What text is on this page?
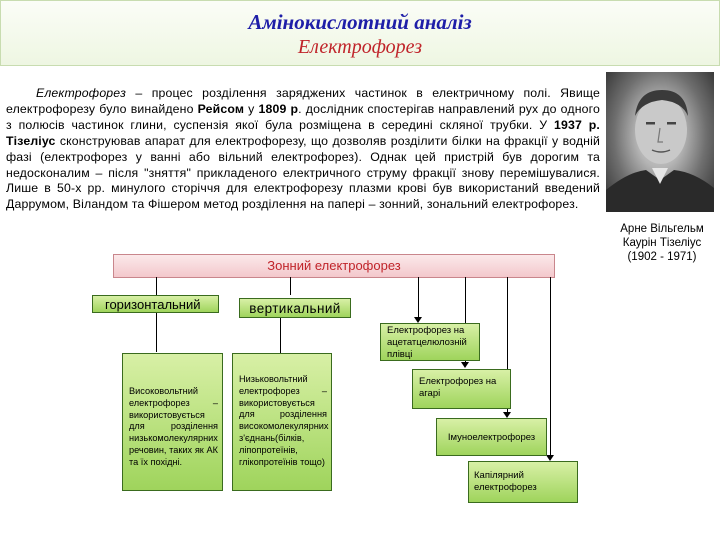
Амінокислотний аналіз
Електрофорез
Електрофорез – процес розділення заряджених частинок в електричному полі. Явище електрофорезу було винайдено Рейсом у 1809 р. дослідник спостерігав направлений рух до одного з полюсів частинок глини, суспензія якої була розміщена в середині скляної трубки. У 1937 р. Тізеліус сконструював апарат для електрофорезу, що дозволяв розділити білки на фракції у водній фазі (електрофорез у ванні або вільний електрофорез). Однак цей пристрій був дорогим та недосконалим – після "зняття" прикладеного електричного струму фракції знову перемішувалися. Лише в 50-х рр. минулого сторіччя для електрофорезу плазми крові був використаний введений Даррумом, Віландом та Фішером метод розділення на папері – зонний, зональний електрофорез.
Арне Вільгельм
Каурін Тізеліус
(1902 - 1971)
Зонний електрофорез
горизонтальний	вертикальний
Високовольтний електрофорез – використовується для розділення низькомолекулярних речовин, таких як АК та їх похідні.
Низьковольтний електрофорез – використовується для розділення високомолекулярних з'єднань(білків, ліпопротеїнів, глікопротеїнів тощо)
Електрофорез на ацетатцелюлозній плівці
Електрофорез на агарі
Імуноелектрофорез
Капілярний електрофорез
